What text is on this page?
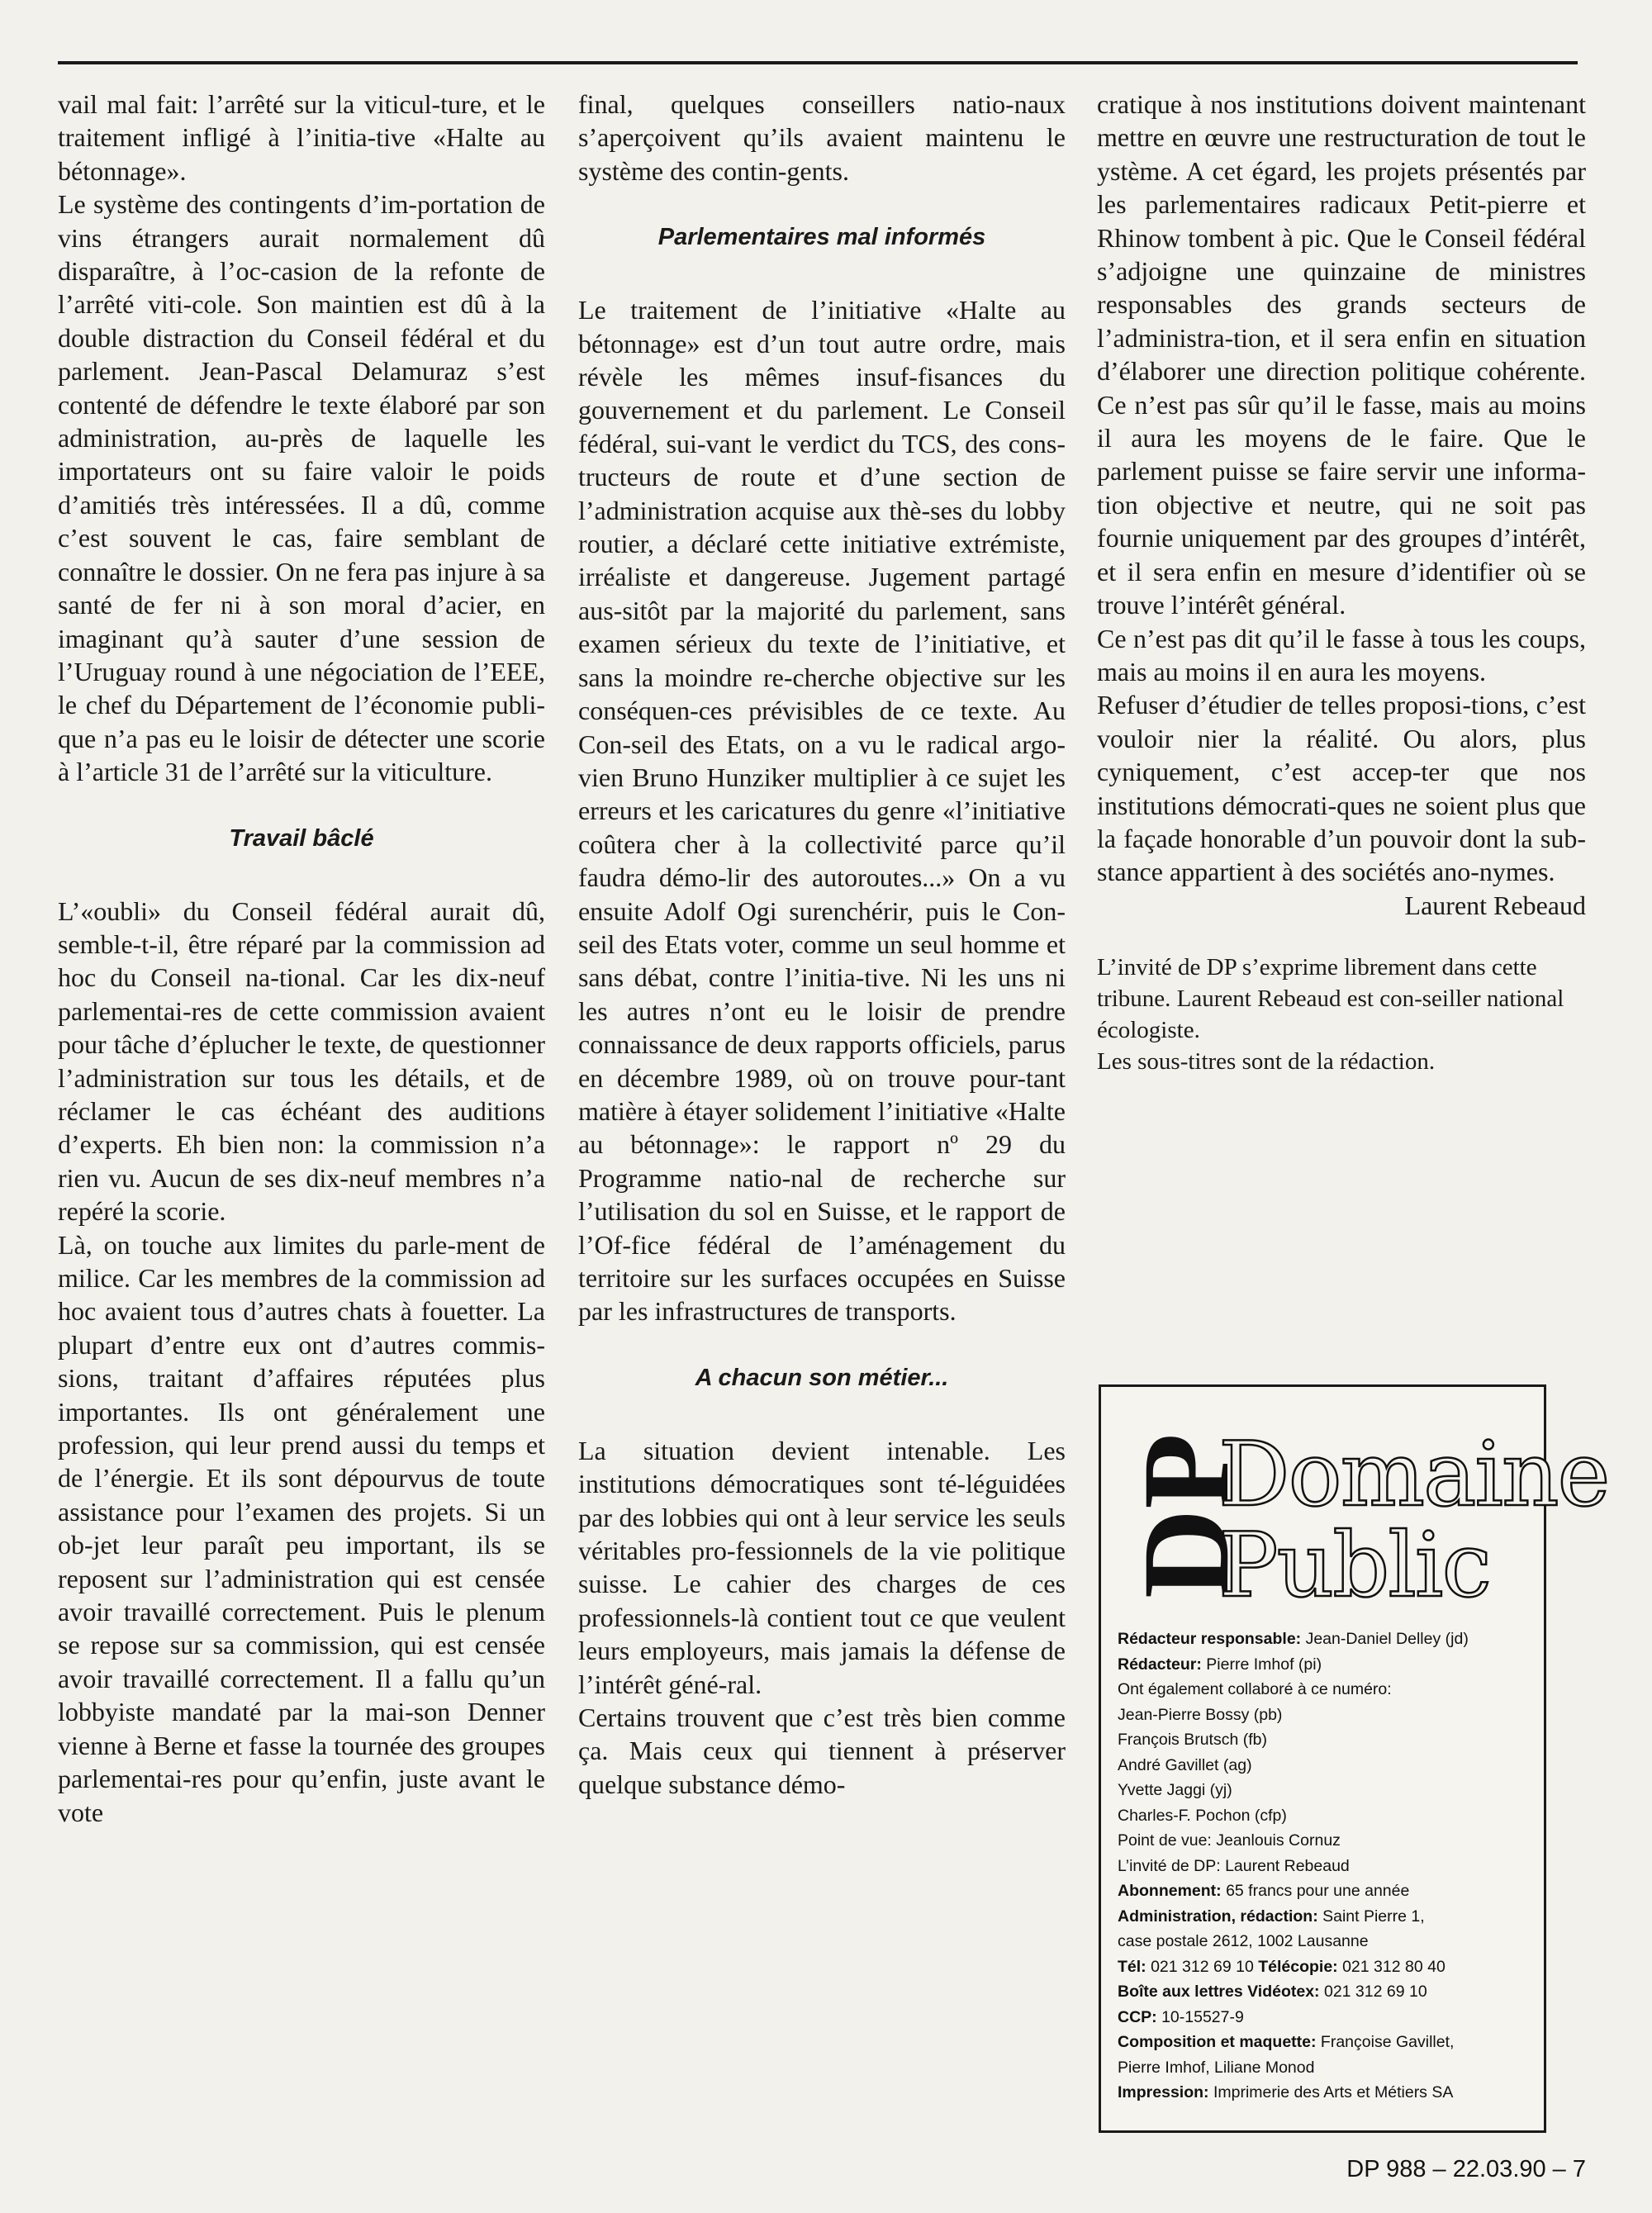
vail mal fait: l’arrêté sur la viticul-ture, et le traitement infligé à l’initia-tive «Halte au bétonnage».

Le système des contingents d’im-portation de vins étrangers aurait normalement dû disparaître, à l’oc-casion de la refonte de l’arrêté viti-cole. Son maintien est dû à la double distraction du Conseil fédéral et du parlement. Jean-Pascal Delamuraz s’est contenté de défendre le texte élaboré par son administration, au-près de laquelle les importateurs ont su faire valoir le poids d’amitiés très intéressées. Il a dû, comme c’est souvent le cas, faire semblant de connaître le dossier. On ne fera pas injure à sa santé de fer ni à son moral d’acier, en imaginant qu’à sauter d’une session de l’Uruguay round à une négociation de l’EEE, le chef du Département de l’économie publi-que n’a pas eu le loisir de détecter une scorie à l’article 31 de l’arrêté sur la viticulture.

Travail bâclé

L’«oubli» du Conseil fédéral aurait dû, semble-t-il, être réparé par la commission ad hoc du Conseil na-tional. Car les dix-neuf parlementai-res de cette commission avaient pour tâche d’éplucher le texte, de questionner l’administration sur tous les détails, et de réclamer le cas échéant des auditions d’experts. Eh bien non: la commission n’a rien vu. Aucun de ses dix-neuf membres n’a repéré la scorie.

Là, on touche aux limites du parle-ment de milice. Car les membres de la commission ad hoc avaient tous d’autres chats à fouetter. La plupart d’entre eux ont d’autres commis-sions, traitant d’affaires réputées plus importantes. Ils ont généralement une profession, qui leur prend aussi du temps et de l’énergie. Et ils sont dépourvus de toute assistance pour l’examen des projets. Si un ob-jet leur paraît peu important, ils se reposent sur l’administration qui est censée avoir travaillé correctement. Puis le plenum se repose sur sa commission, qui est censée avoir travaillé correctement. Il a fallu qu’un lobbyiste mandaté par la mai-son Denner vienne à Berne et fasse la tournée des groupes parlementai-res pour qu’enfin, juste avant le vote

final, quelques conseillers natio-naux s’aperçoivent qu’ils avaient maintenu le système des contin-gents.

Parlementaires mal informés

Le traitement de l’initiative «Halte au bétonnage» est d’un tout autre ordre, mais révèle les mêmes insuf-fisances du gouvernement et du parlement. Le Conseil fédéral, sui-vant le verdict du TCS, des cons-tructeurs de route et d’une section de l’administration acquise aux thè-ses du lobby routier, a déclaré cette initiative extrémiste, irréaliste et dangereuse. Jugement partagé aus-sitôt par la majorité du parlement, sans examen sérieux du texte de l’initiative, et sans la moindre re-cherche objective sur les conséquen-ces prévisibles de ce texte. Au Con-seil des Etats, on a vu le radical argo-vien Bruno Hunziker multiplier à ce sujet les erreurs et les caricatures du genre «l’initiative coûtera cher à la collectivité parce qu’il faudra démo-lir des autoroutes...» On a vu ensuite Adolf Ogi surenchérir, puis le Con-seil des Etats voter, comme un seul homme et sans débat, contre l’initia-tive. Ni les uns ni les autres n’ont eu le loisir de prendre connaissance de deux rapports officiels, parus en décembre 1989, où on trouve pour-tant matière à étayer solidement l’initiative «Halte au bétonnage»: le rapport nº 29 du Programme natio-nal de recherche sur l’utilisation du sol en Suisse, et le rapport de l’Of-fice fédéral de l’aménagement du territoire sur les surfaces occupées en Suisse par les infrastructures de transports.

A chacun son métier...

La situation devient intenable. Les institutions démocratiques sont té-léguidées par des lobbies qui ont à leur service les seuls véritables pro-fessionnels de la vie politique suisse. Le cahier des charges de ces professionnels-là contient tout ce que veulent leurs employeurs, mais jamais la défense de l’intérêt géné-ral.

Certains trouvent que c’est très bien comme ça. Mais ceux qui tiennent à préserver quelque substance démo-

cratique à nos institutions doivent maintenant mettre en œuvre une restructuration de tout le ystème. A cet égard, les projets présentés par les parlementaires radicaux Petit-pierre et Rhinow tombent à pic. Que le Conseil fédéral s’adjoigne une quinzaine de ministres responsables des grands secteurs de l’administra-tion, et il sera enfin en situation d’élaborer une direction politique cohérente. Ce n’est pas sûr qu’il le fasse, mais au moins il aura les moyens de le faire. Que le parlement puisse se faire servir une informa-tion objective et neutre, qui ne soit pas fournie uniquement par des groupes d’intérêt, et il sera enfin en mesure d’identifier où se trouve l’intérêt général.

Ce n’est pas dit qu’il le fasse à tous les coups, mais au moins il en aura les moyens.

Refuser d’étudier de telles proposi-tions, c’est vouloir nier la réalité. Ou alors, plus cyniquement, c’est accep-ter que nos institutions démocrati-ques ne soient plus que la façade honorable d’un pouvoir dont la sub-stance appartient à des sociétés ano-nymes.

Laurent Rebeaud

L’invité de DP s’exprime librement dans cette tribune. Laurent Rebeaud est con-seiller national écologiste.

Les sous-titres sont de la rédaction.

DP
Domaine
Public
Rédacteur responsable: Jean-Daniel Delley (jd)
Rédacteur: Pierre Imhof (pi)
Ont également collaboré à ce numéro:
Jean-Pierre Bossy (pb)
François Brutsch (fb)
André Gavillet (ag)
Yvette Jaggi (yj)
Charles-F. Pochon (cfp)
Point de vue: Jeanlouis Cornuz
L’invité de DP: Laurent Rebeaud
Abonnement: 65 francs pour une année
Administration, rédaction: Saint Pierre 1,
case postale 2612, 1002 Lausanne
Tél: 021 312 69 10 Télécopie: 021 312 80 40
Boîte aux lettres Vidéotex: 021 312 69 10
CCP: 10-15527-9
Composition et maquette: Françoise Gavillet,
Pierre Imhof, Liliane Monod
Impression: Imprimerie des Arts et Métiers SA
DP 988 – 22.03.90 – 7
